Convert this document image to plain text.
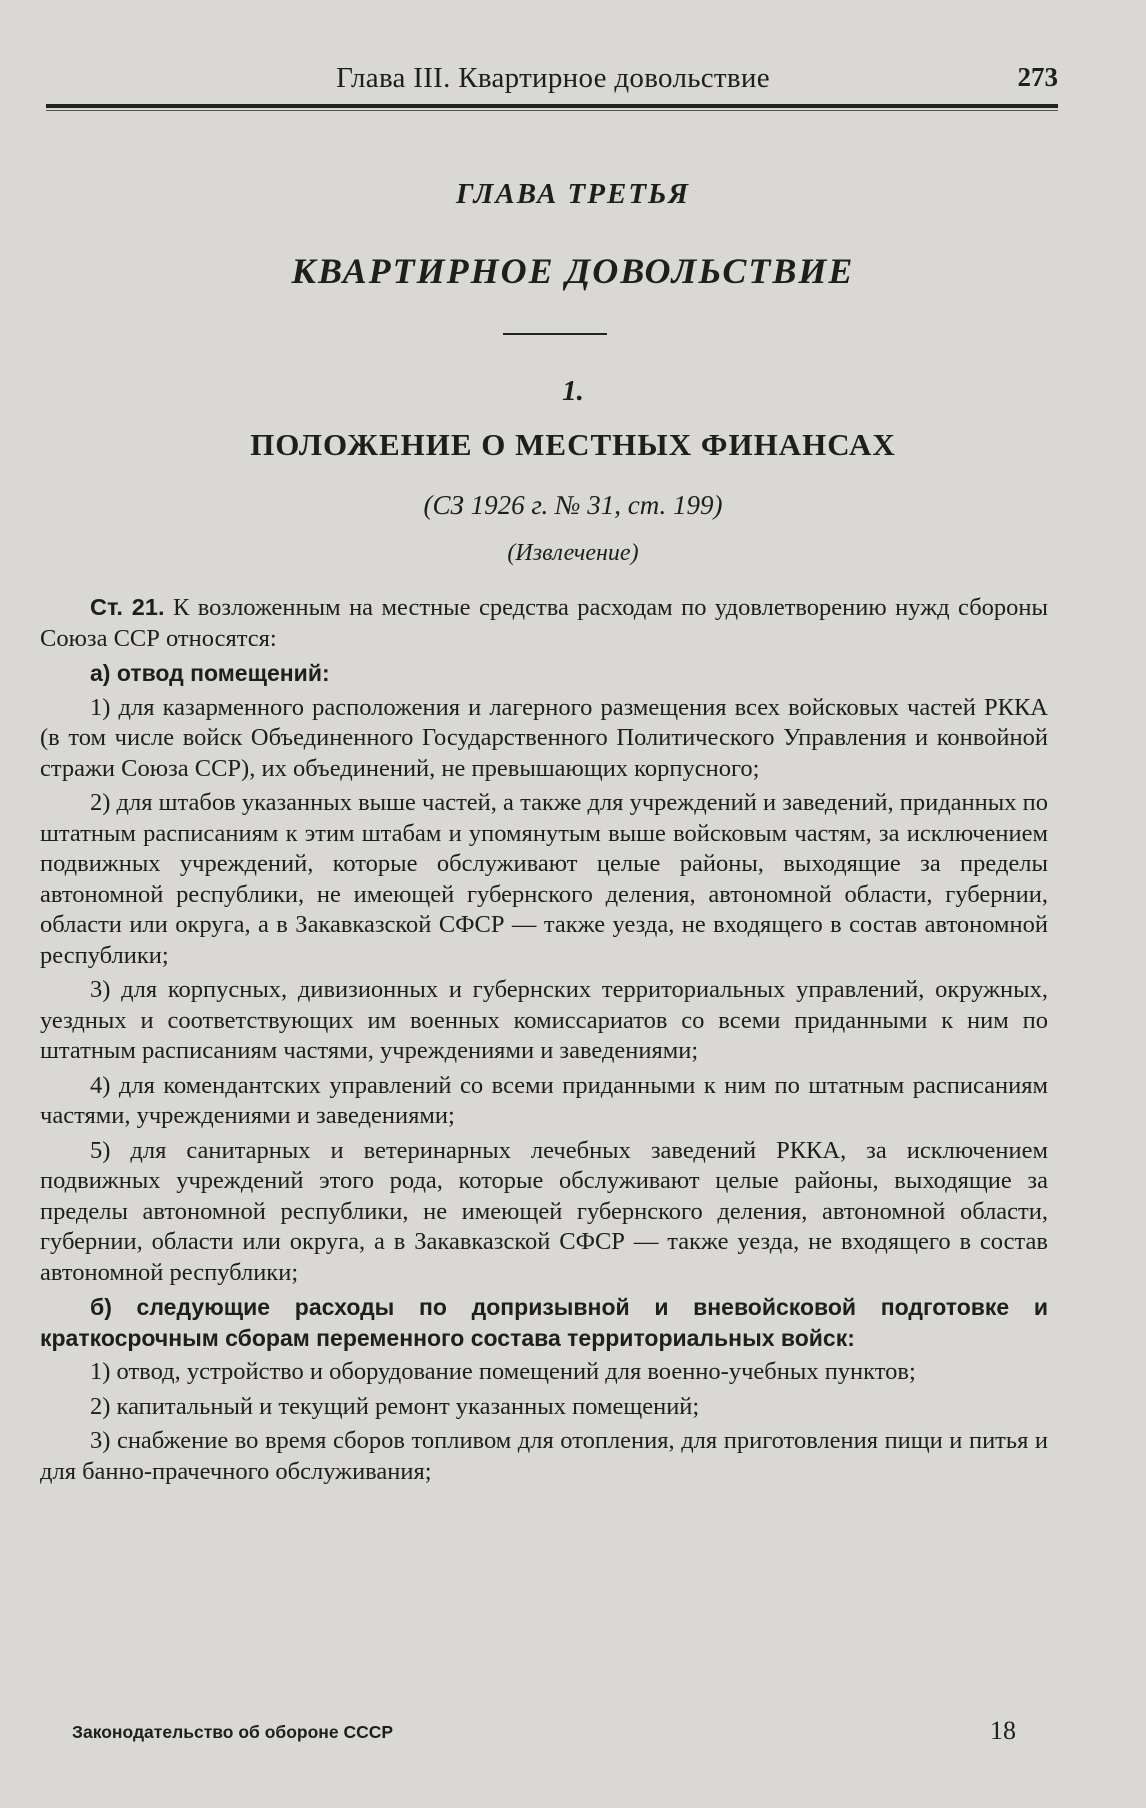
Глава III. Квартирное довольствие	273
ГЛАВА ТРЕТЬЯ
КВАРТИРНОЕ ДОВОЛЬСТВИЕ
1.
ПОЛОЖЕНИЕ О МЕСТНЫХ ФИНАНСАХ
(СЗ 1926 г. № 31, ст. 199)
(Извлечение)

Ст. 21. К возложенным на местные средства расходам по удовлетворению нужд сбороны Союза ССР относятся:

а) отвод помещений:

1) для казарменного расположения и лагерного размещения всех войсковых частей РККА (в том числе войск Объединенного Государственного Политического Управления и конвойной стражи Союза ССР), их объединений, не превышающих корпусного;

2) для штабов указанных выше частей, а также для учреждений и заведений, приданных по штатным расписаниям к этим штабам и упомянутым выше войсковым частям, за исключением подвижных учреждений, которые обслуживают целые районы, выходящие за пределы автономной республики, не имеющей губернского деления, автономной области, губернии, области или округа, а в Закавказской СФСР — также уезда, не входящего в состав автономной республики;

3) для корпусных, дивизионных и губернских территориальных управлений, окружных, уездных и соответствующих им военных комиссариатов со всеми приданными к ним по штатным расписаниям частями, учреждениями и заведениями;

4) для комендантских управлений со всеми приданными к ним по штатным расписаниям частями, учреждениями и заведениями;

5) для санитарных и ветеринарных лечебных заведений РККА, за исключением подвижных учреждений этого рода, которые обслуживают целые районы, выходящие за пределы автономной республики, не имеющей губернского деления, автономной области, губернии, области или округа, а в Закавказской СФСР — также уезда, не входящего в состав автономной республики;

б) следующие расходы по допризывной и вневойсковой подготовке и краткосрочным сборам переменного состава территориальных войск:

1) отвод, устройство и оборудование помещений для военно-учебных пунктов;

2) капитальный и текущий ремонт указанных помещений;

3) снабжение во время сборов топливом для отопления, для приготовления пищи и питья и для банно-прачечного обслуживания;

Законодательство об обороне СССР	18
